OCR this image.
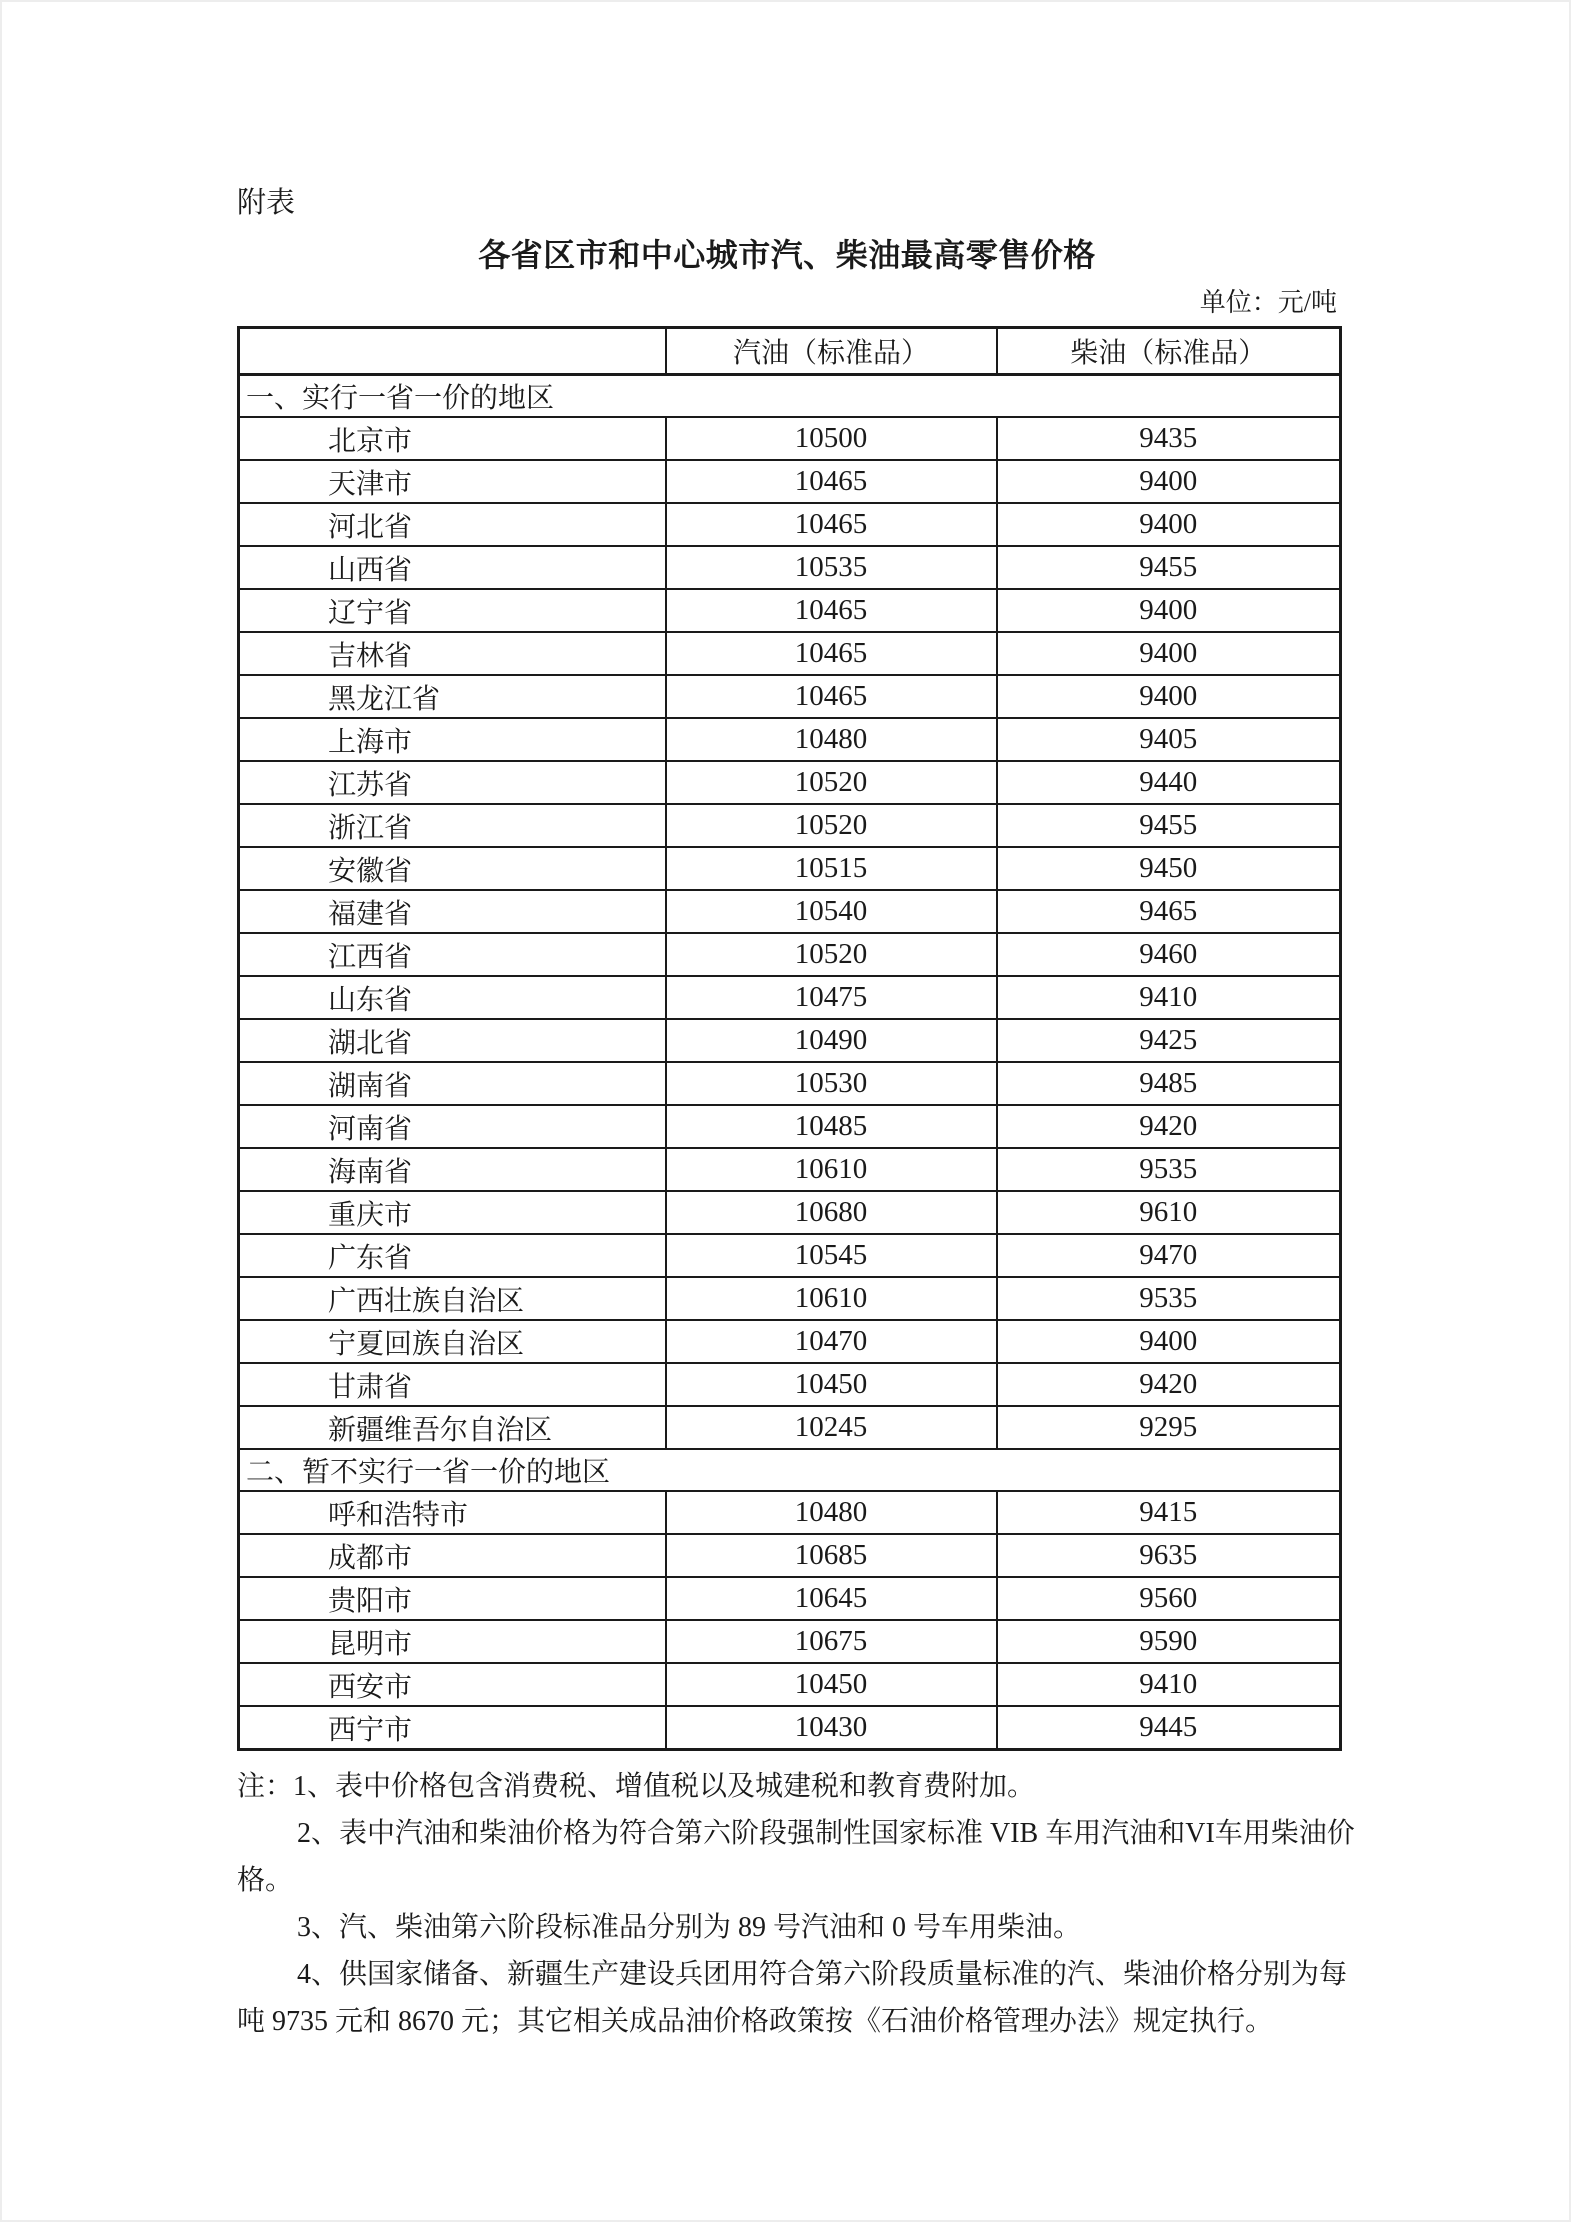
附表
各省区市和中心城市汽、柴油最高零售价格
单位：元/吨
	汽油（标准品）	柴油（标准品）
一、实行一省一价的地区		
北京市	10500	9435
天津市	10465	9400
河北省	10465	9400
山西省	10535	9455
辽宁省	10465	9400
吉林省	10465	9400
黑龙江省	10465	9400
上海市	10480	9405
江苏省	10520	9440
浙江省	10520	9455
安徽省	10515	9450
福建省	10540	9465
江西省	10520	9460
山东省	10475	9410
湖北省	10490	9425
湖南省	10530	9485
河南省	10485	9420
海南省	10610	9535
重庆市	10680	9610
广东省	10545	9470
广西壮族自治区	10610	9535
宁夏回族自治区	10470	9400
甘肃省	10450	9420
新疆维吾尔自治区	10245	9295
二、暂不实行一省一价的地区		
呼和浩特市	10480	9415
成都市	10685	9635
贵阳市	10645	9560
昆明市	10675	9590
西安市	10450	9410
西宁市	10430	9445

注：1、表中价格包含消费税、增值税以及城建税和教育费附加。

2、表中汽油和柴油价格为符合第六阶段强制性国家标准 VIB 车用汽油和VI车用柴油价

格。

3、汽、柴油第六阶段标准品分别为 89 号汽油和 0 号车用柴油。

4、供国家储备、新疆生产建设兵团用符合第六阶段质量标准的汽、柴油价格分别为每

吨 9735 元和 8670 元；其它相关成品油价格政策按《石油价格管理办法》规定执行。
